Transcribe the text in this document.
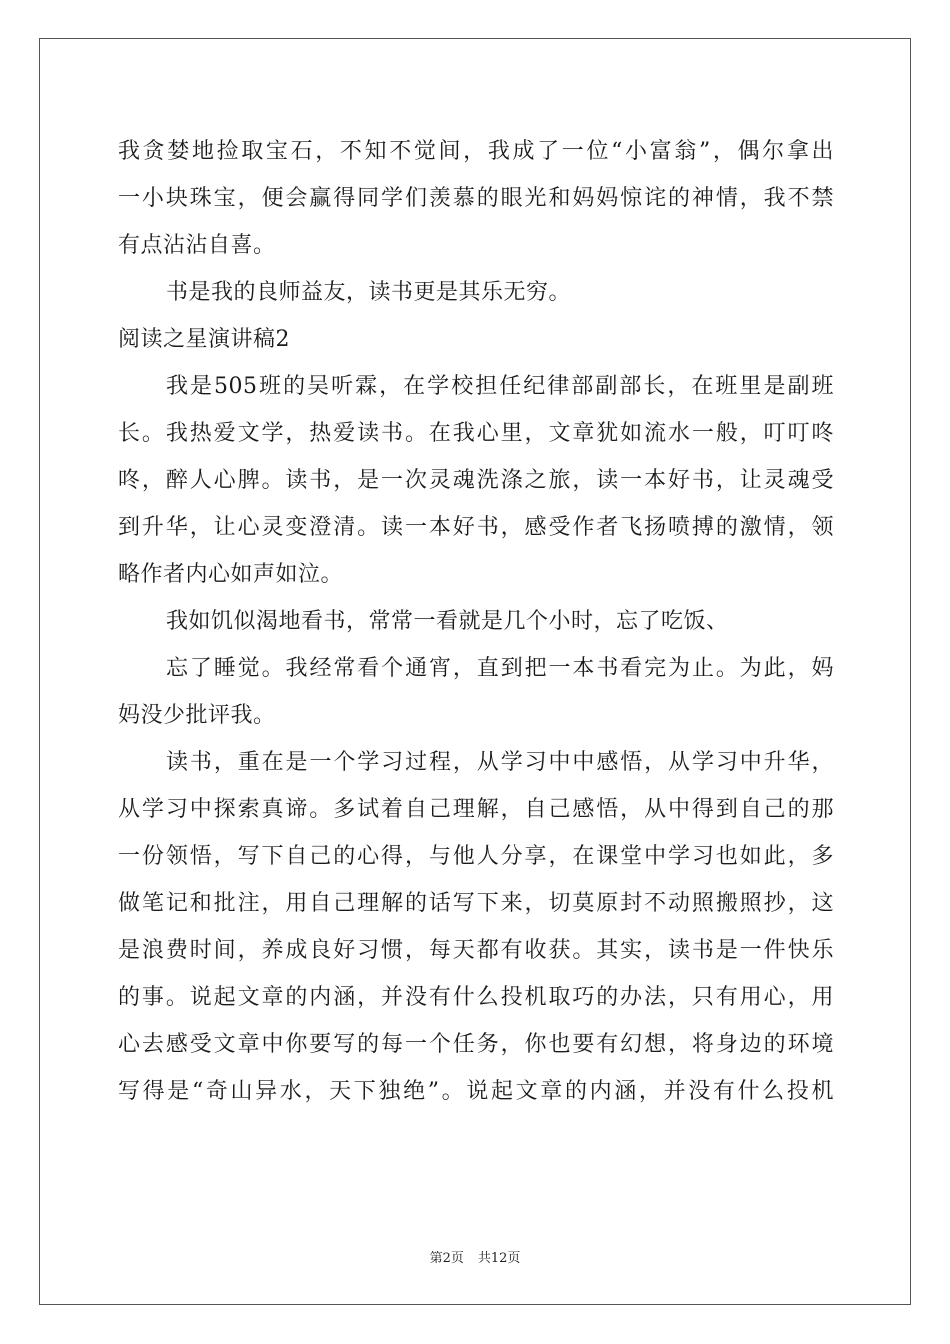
我贪婪地捡取宝石，不知不觉间，我成了一位“小富翁”，偶尔拿出
一小块珠宝，便会赢得同学们羡慕的眼光和妈妈惊诧的神情，我不禁
有点沾沾自喜。
书是我的良师益友，读书更是其乐无穷。
阅读之星演讲稿2
我是505班的吴听霖，在学校担任纪律部副部长，在班里是副班
长。我热爱文学，热爱读书。在我心里，文章犹如流水一般，叮叮咚
咚，醉人心脾。读书，是一次灵魂洗涤之旅，读一本好书，让灵魂受
到升华，让心灵变澄清。读一本好书，感受作者飞扬喷搏的激情，领
略作者内心如声如泣。
我如饥似渴地看书，常常一看就是几个小时，忘了吃饭、
忘了睡觉。我经常看个通宵，直到把一本书看完为止。为此，妈
妈没少批评我。
读书，重在是一个学习过程，从学习中中感悟，从学习中升华，
从学习中探索真谛。多试着自己理解，自己感悟，从中得到自己的那
一份领悟，写下自己的心得，与他人分享，在课堂中学习也如此，多
做笔记和批注，用自己理解的话写下来，切莫原封不动照搬照抄，这
是浪费时间，养成良好习惯，每天都有收获。其实，读书是一件快乐
的事。说起文章的内涵，并没有什么投机取巧的办法，只有用心，用
心去感受文章中你要写的每一个任务，你也要有幻想，将身边的环境
写得是“奇山异水，天下独绝”。说起文章的内涵，并没有什么投机
第2页 共12页
